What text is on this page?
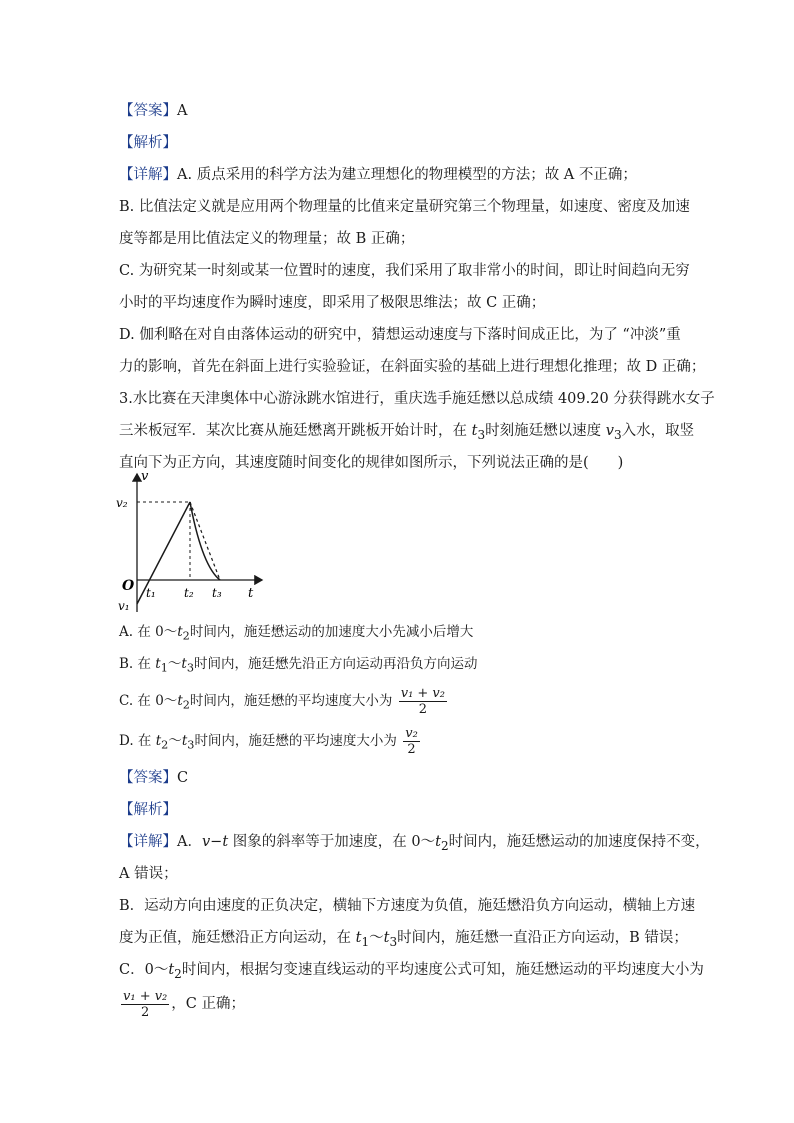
【答案】A
【解析】
【详解】A. 质点采用的科学方法为建立理想化的物理模型的方法；故 A 不正确；
B. 比值法定义就是应用两个物理量的比值来定量研究第三个物理量，如速度、密度及加速
度等都是用比值法定义的物理量；故 B 正确；
C. 为研究某一时刻或某一位置时的速度，我们采用了取非常小的时间，即让时间趋向无穷
小时的平均速度作为瞬时速度，即采用了极限思维法；故 C 正确；
D. 伽利略在对自由落体运动的研究中，猜想运动速度与下落时间成正比，为了 “冲淡”重
力的影响，首先在斜面上进行实验验证，在斜面实验的基础上进行理想化推理；故 D 正确；
3.水比赛在天津奥体中心游泳跳水馆进行，重庆选手施廷懋以总成绩 409.20 分获得跳水女子
三米板冠军．某次比赛从施廷懋离开跳板开始计时，在 $t_3$时刻施廷懋以速度 $v_3$入水，取竖
直向下为正方向，其速度随时间变化的规律如图所示，下列说法正确的是(　　)
v
t
O
v₂
v₁
t₁ t₂ t₃
A. 在 $0\sim t_2$时间内，施廷懋运动的加速度大小先减小后增大
B. 在 $t_1\sim t_3$时间内，施廷懋先沿正方向运动再沿负方向运动
C. 在 $0\sim t_2$时间内，施廷懋的平均速度大小为 $\frac{\text{v₁ + v₂}}{2}$
D. 在 $t_2\sim t_3$时间内，施廷懋的平均速度大小为 $\frac{\text{v₂}}{2}$
【答案】C
【解析】
【详解】A．v−t 图象的斜率等于加速度，在 $0\sim t_2$时间内，施廷懋运动的加速度保持不变，
A 错误；
B．运动方向由速度的正负决定，横轴下方速度为负值，施廷懋沿负方向运动，横轴上方速
度为正值，施廷懋沿正方向运动，在 $t_1\sim t_3$时间内，施廷懋一直沿正方向运动，B 错误；
C．$0\sim t_2$时间内，根据匀变速直线运动的平均速度公式可知，施廷懋运动的平均速度大小为
$\frac{\text{v₁ + v₂}}{2}$ ，C 正确；
